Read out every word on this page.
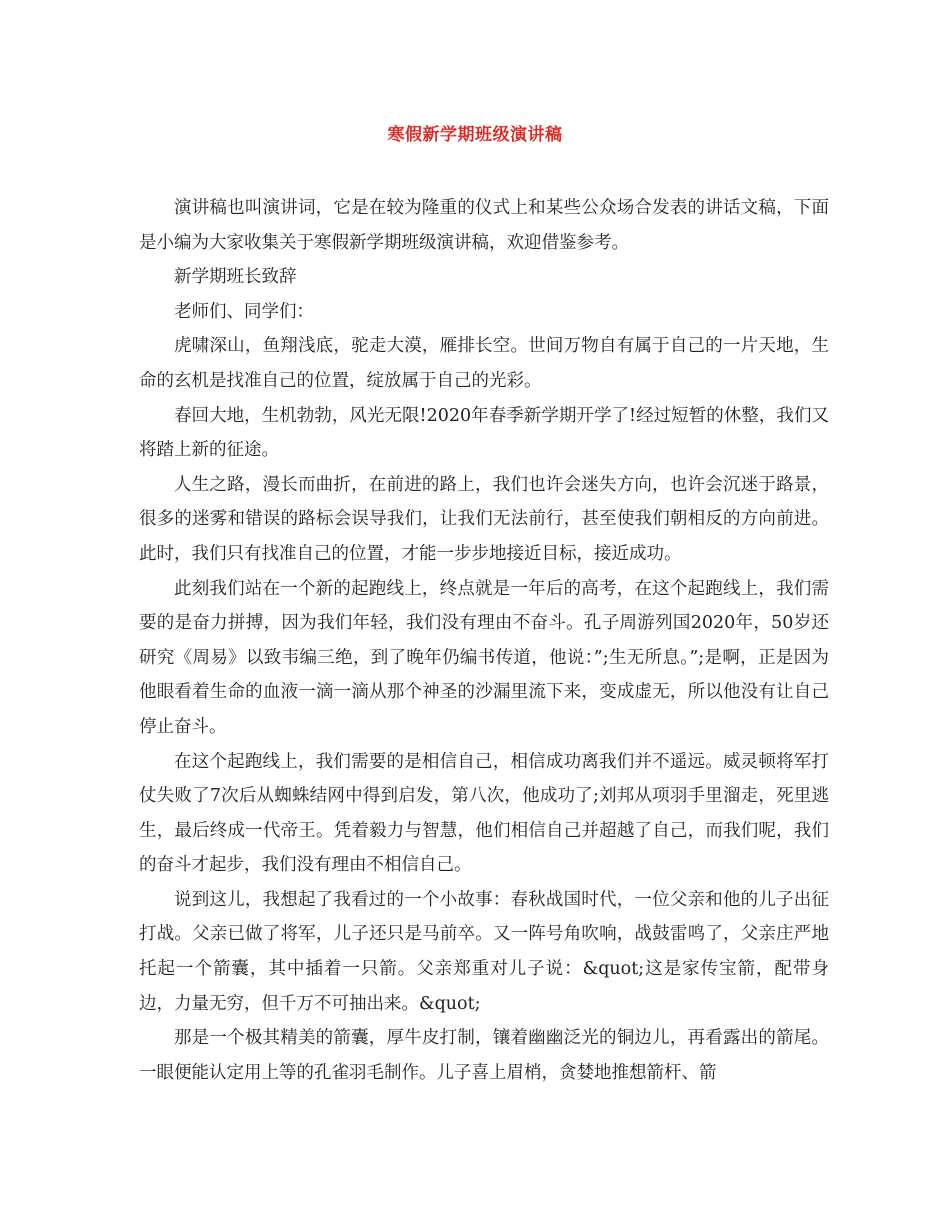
寒假新学期班级演讲稿

演讲稿也叫演讲词，它是在较为隆重的仪式上和某些公众场合发表的讲话文稿，下面是小编为大家收集关于寒假新学期班级演讲稿，欢迎借鉴参考。

新学期班长致辞

老师们、同学们：

虎啸深山，鱼翔浅底，驼走大漠，雁排长空。世间万物自有属于自己的一片天地，生命的玄机是找准自己的位置，绽放属于自己的光彩。

春回大地，生机勃勃，风光无限!2020年春季新学期开学了!经过短暂的休整，我们又将踏上新的征途。

人生之路，漫长而曲折，在前进的路上，我们也许会迷失方向，也许会沉迷于路景，很多的迷雾和错误的路标会误导我们，让我们无法前行，甚至使我们朝相反的方向前进。此时，我们只有找准自己的位置，才能一步步地接近目标，接近成功。

此刻我们站在一个新的起跑线上，终点就是一年后的高考，在这个起跑线上，我们需要的是奋力拼搏，因为我们年轻，我们没有理由不奋斗。孔子周游列国2020年，50岁还研究《周易》以致韦编三绝，到了晚年仍编书传道，他说：”;生无所息。”;是啊，正是因为他眼看着生命的血液一滴一滴从那个神圣的沙漏里流下来，变成虚无，所以他没有让自己停止奋斗。

在这个起跑线上，我们需要的是相信自己，相信成功离我们并不遥远。威灵顿将军打仗失败了7次后从蜘蛛结网中得到启发，第八次，他成功了;刘邦从项羽手里溜走，死里逃生，最后终成一代帝王。凭着毅力与智慧，他们相信自己并超越了自己，而我们呢，我们的奋斗才起步，我们没有理由不相信自己。

说到这儿，我想起了我看过的一个小故事：春秋战国时代，一位父亲和他的儿子出征打战。父亲已做了将军，儿子还只是马前卒。又一阵号角吹响，战鼓雷鸣了，父亲庄严地托起一个箭囊，其中插着一只箭。父亲郑重对儿子说：&quot;这是家传宝箭，配带身边，力量无穷，但千万不可抽出来。&quot;

那是一个极其精美的箭囊，厚牛皮打制，镶着幽幽泛光的铜边儿，再看露出的箭尾。一眼便能认定用上等的孔雀羽毛制作。儿子喜上眉梢，贪婪地推想箭杆、箭
